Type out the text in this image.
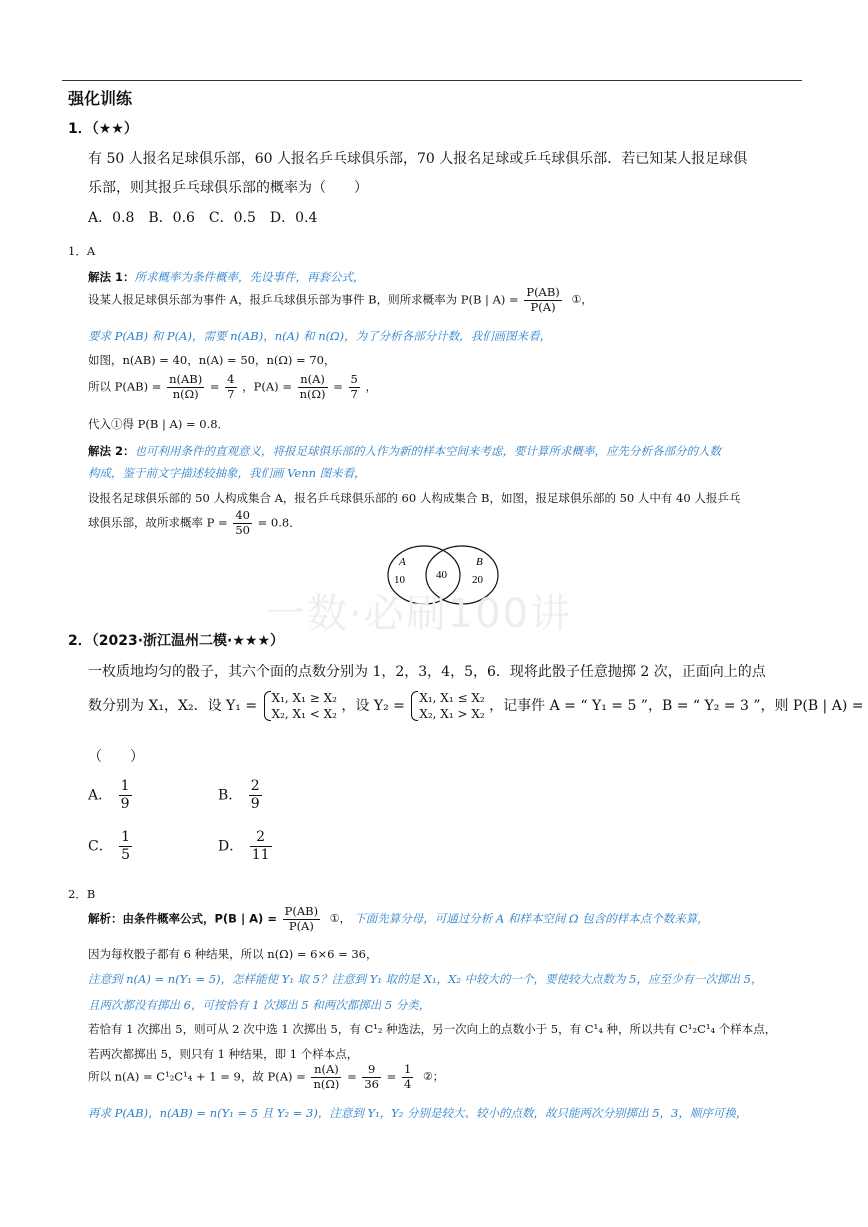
强化训练
1．（★★）
有 50 人报名足球俱乐部，60 人报名乒乓球俱乐部，70 人报名足球或乒乓球俱乐部．若已知某人报足球俱
乐部，则其报乒乓球俱乐部的概率为（　　）
A．0.8　B．0.6　C．0.5　D．0.4
1．A
解法 1：所求概率为条件概率，先设事件，再套公式，
设某人报足球俱乐部为事件 A，报乒乓球俱乐部为事件 B，则所求概率为 P(B | $A) = \frac{P(AB)}{P(A)}$ ①，
要求 P(AB) 和 P(A)，需要 n(AB)，n(A) 和 n(Ω)，为了分析各部分计数，我们画图来看，
如图，n(AB) = 40，n(A) = 50，n(Ω) = 70，
所以 $P(AB) = \frac{n(AB)}{n(\Omega)} = \frac{4}{7}$ ，$P(A) = \frac{n(A)}{n(\Omega)} = \frac{5}{7}$ ，
代入①得 P(B | A) = 0.8．
解法 2：也可利用条件的直观意义，将报足球俱乐部的人作为新的样本空间来考虑，要计算所求概率，应先分析各部分的人数
构成，鉴于前文字描述较抽象，我们画 Venn 图来看，
设报名足球俱乐部的 50 人构成集合 A，报名乒乓球俱乐部的 60 人构成集合 B，如图，报足球俱乐部的 50 人中有 40 人报乒乓
球俱乐部，故所求概率 $P = \frac{40}{50} = 0.8$．
A	B
10	40 20
一数·必刷100讲
2．（2023·浙江温州二模·★★★）
一枚质地均匀的骰子，其六个面的点数分别为 1，2，3，4，5，6．现将此骰子任意抛掷 2 次，正面向上的点
数分别为 X₁，X₂．设 Y₁ =
X₁, X₁ ≥ X₂
X₂, X₁ < X₂ ，设 Y₂ =
X₁, X₁ ≤ X₂
X₂, X₁ > X₂ ，记事件 A = “ Y₁ = 5 ”，B = “ Y₂ = 3 ”，则 P(B | A) =
（　　）
A． $\frac{1}{9}$	B． $\frac{2}{9}$
C． $\frac{1}{5}$	D． $\frac{2}{11}$
2．B
解析：由条件概率公式，P(B | $A) = \frac{P(AB)}{P(A)}$ ①， 下面先算分母，可通过分析 A 和样本空间 Ω 包含的样本点个数来算，
因为每枚骰子都有 6 种结果，所以 n(Ω) = 6×6 = 36，
注意到 n(A) = n(Y₁ = 5)，怎样能使 Y₁ 取 5？注意到 Y₁ 取的是 X₁，X₂ 中较大的一个，要使较大点数为 5，应至少有一次掷出 5，
且两次都没有掷出 6，可按恰有 1 次掷出 5 和两次都掷出 5 分类，
若恰有 1 次掷出 5，则可从 2 次中选 1 次掷出 5，有 C¹₂ 种选法，另一次向上的点数小于 5，有 C¹₄ 种，所以共有 C¹₂C¹₄ 个样本点，
若两次都掷出 5，则只有 1 种结果，即 1 个样本点，
所以 n(A) = C¹₂C¹₄ + 1 = 9，故 $P(A) = \frac{n(A)}{n(\Omega)} = \frac{9}{36} = \frac{1}{4}$ ②；
再求 P(AB)，n(AB) = n(Y₁ = 5 且 Y₂ = 3)，注意到 Y₁，Y₂ 分别是较大、较小的点数，故只能两次分别掷出 5，3，顺序可换，
